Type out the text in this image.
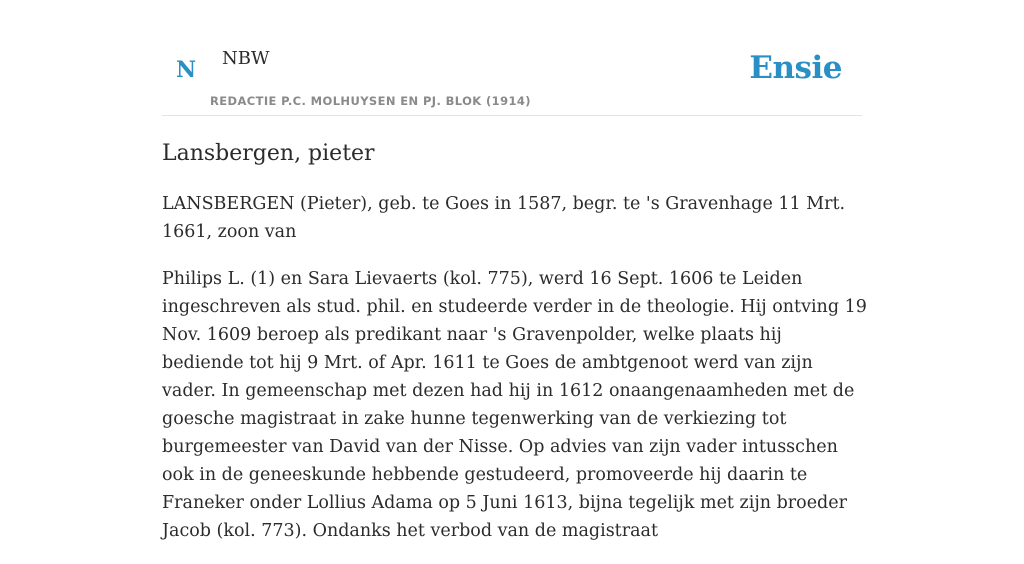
N NBW
REDACTIE P.C. MOLHUYSEN EN PJ. BLOK (1914)
Ensie
Lansbergen, pieter

LANSBERGEN (Pieter), geb. te Goes in 1587, begr. te 's Gravenhage 11 Mrt. 1661, zoon van

Philips L. (1) en Sara Lievaerts (kol. 775), werd 16 Sept. 1606 te Leiden ingeschreven als stud. phil. en studeerde verder in de theologie. Hij ontving 19 Nov. 1609 beroep als predikant naar 's Gravenpolder, welke plaats hij bediende tot hij 9 Mrt. of Apr. 1611 te Goes de ambtgenoot werd van zijn vader. In gemeenschap met dezen had hij in 1612 onaangenaamheden met de goesche magistraat in zake hunne tegenwerking van de verkiezing tot burgemeester van David van der Nisse. Op advies van zijn vader intusschen ook in de geneeskunde hebbende gestudeerd, promoveerde hij daarin te Franeker onder Lollius Adama op 5 Juni 1613, bijna tegelijk met zijn broeder Jacob (kol. 773). Ondanks het verbod van de magistraat
